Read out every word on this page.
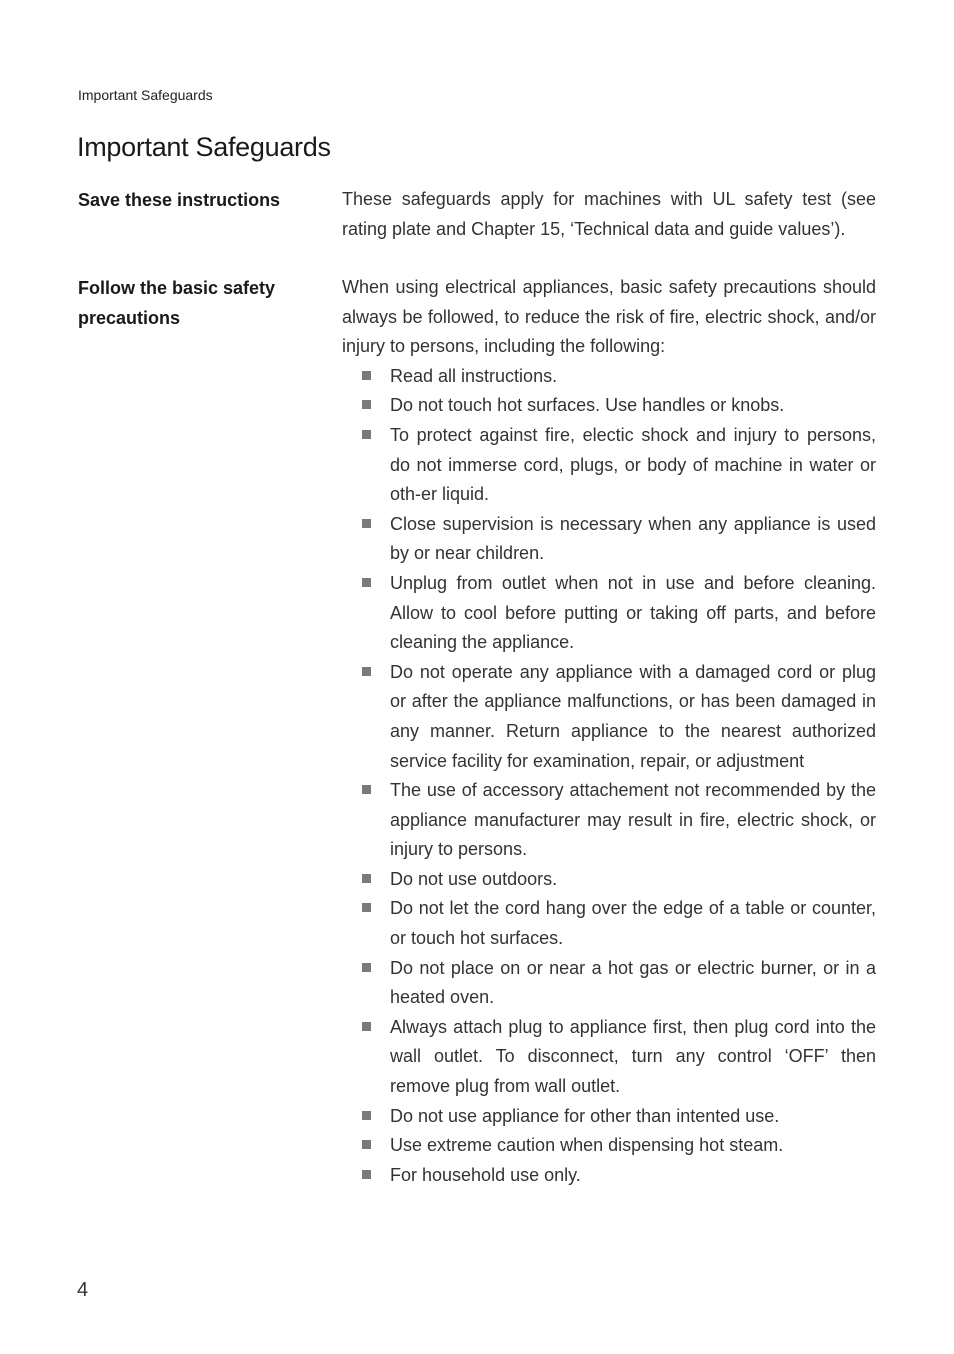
Important Safeguards
Important Safeguards
Save these instructions	These safeguards apply for machines with UL safety test (see rating plate and Chapter 15, ‘Technical data and guide values’).

Follow the basic safety precautions

When using electrical appliances, basic safety precautions should always be followed, to reduce the risk of fire, electric shock, and/or injury to persons, including the following:

Read all instructions.
Do not touch hot surfaces. Use handles or knobs.
To protect against fire, electic shock and injury to persons, do not immerse cord, plugs, or body of machine in water or oth-er liquid.
Close supervision is necessary when any appliance is used by or near children.
Unplug from outlet when not in use and before cleaning. Allow to cool before putting or taking off parts, and before cleaning the appliance.
Do not operate any appliance with a damaged cord or plug or after the appliance malfunctions, or has been damaged in any manner. Return appliance to the nearest authorized service facility for examination, repair, or adjustment
The use of accessory attachement not recommended by the appliance manufacturer may result in fire, electric shock, or injury to persons.
Do not use outdoors.
Do not let the cord hang over the edge of a table or counter, or touch hot surfaces.
Do not place on or near a hot gas or electric burner, or in a heated oven.
Always attach plug to appliance first, then plug cord into the wall outlet. To disconnect, turn any control ‘OFF’ then remove plug from wall outlet.
Do not use appliance for other than intented use.
Use extreme caution when dispensing hot steam.
For household use only.
4
